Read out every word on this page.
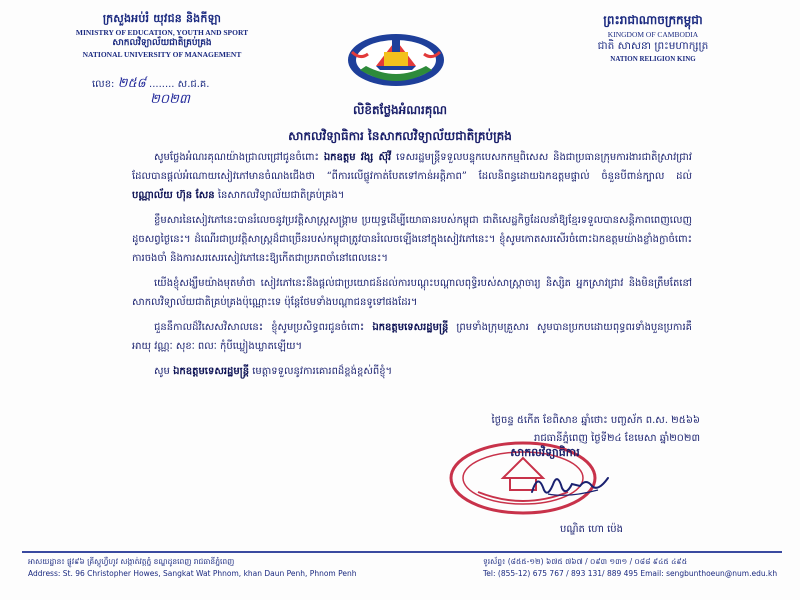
ក្រសួងអប់រំ យុវជន និងកីឡា
MINISTRY OF EDUCATION, YOUTH AND SPORT
សាកលវិទ្យាល័យជាតិគ្រប់គ្រង
NATIONAL UNIVERSITY OF MANAGEMENT
ព្រះរាជាណាចក្រកម្ពុជា
KINGDOM OF CAMBODIA
ជាតិ សាសនា ព្រះមហាក្សត្រ
NATION RELIGION KING
លេខ: ២៥៨ ........ ស.ជ.គ.
២០២៣
លិខិតថ្លែងអំណរគុណ
សាកលវិទ្យាធិការ នៃសាកលវិទ្យាល័យជាតិគ្រប់គ្រង

សូមថ្លែងអំណរគុណយ៉ាងជ្រាលជ្រៅជូនចំពោះ ឯកឧត្តម វង្ស ស៊ុវី ទេសរដ្ឋមន្ត្រីទទួលបន្ទុកបេសកកម្មពិសេស និងជាប្រធានក្រុមការងារជាតិស្រាវជ្រាវ ដែលបានផ្តល់អំណោយសៀវភៅមានចំណងជើងថា “ពីការលើផ្លូវកាត់បែតទៅកាន់អត្តិភាព” ដែលនិពន្ធដោយឯកឧត្តមផ្ទាល់ ចំនួនបីពាន់ក្បាល ដល់ បណ្ណាល័យ ហ៊ុន សែន នៃសាកលវិទ្យាល័យជាតិគ្រប់គ្រង។

ខ្លឹមសារនៃសៀវភៅនេះបានរំលេចនូវប្រវត្តិសាស្ត្រសង្គ្រាម ប្រយុទ្ធដើម្បីយោធានរបស់កម្ពុជា ជាតិសេដ្ឋកិច្ចដែលនាំឱ្យខ្មែរទទួលបានសន្តិភាពពេញលេញដូចសព្វថ្ងៃនេះ។ ដំណើរជាប្រវត្តិសាស្ត្រដ៏ជាច្រើនរបស់កម្ពុជាត្រូវបានរំលេចឡើងនៅក្នុងសៀវភៅនេះ។ ខ្ញុំសូមកោតសរសើរចំពោះឯកឧត្តមយ៉ាងខ្លាំងក្លាចំពោះការចងចាំ និងការសរសេរសៀវភៅនេះឱ្យកើតជាប្រភពចាំនៅពេលនេះ។

យើងខ្ញុំសង្ឃឹមយ៉ាងមុតមាំថា សៀវភៅនេះនឹងផ្តល់ជាប្រយោជន៍ដល់ការបណ្តុះបណ្តាលពុទ្ធិរបស់សាស្ត្រាចារ្យ និស្សិត អ្នកស្រាវជ្រាវ និងមិនត្រឹមតែនៅសាកលវិទ្យាល័យជាតិគ្រប់គ្រងប៉ុណ្ណោះទេ ប៉ុន្តែថែមទាំងបណ្តាជនទូទៅផងដែរ។

ជួននឹកាលដ៏វិសេសវិសាលនេះ ខ្ញុំសូមប្រសិទ្ធពរជូនចំពោះ ឯកឧត្តមទេសរដ្ឋមន្ត្រី ព្រមទាំងក្រុមគ្រួសារ សូមបានប្រកបដោយពុទ្ធពរទាំងបួនប្រការគឺ អាយុ វណ្ណៈ សុខៈ ពលៈ កុំបីឃ្លៀងឃ្លាតឡើយ។

សូម ឯកឧត្តមទេសរដ្ឋមន្ត្រី មេត្តាទទួលនូវការគោរពដ៏ខ្ពង់ខ្ពស់ពីខ្ញុំ។

ថ្ងៃចន្ទ ៥កើត ខែពិសាខ ឆ្នាំថោះ បញ្ចស័ក ព.ស. ២៥៦៦
រាជធានីភ្នំពេញ ថ្ងៃទី២៤ ខែមេសា ឆ្នាំ២០២៣
សាកលវិទ្យាធិការ
បណ្ឌិត ហោ ប៉េង
អាសយដ្ឋាន៖ ផ្លូវ៩៦ គ្រីស្តូហ្វឺហូវ សង្កាត់វត្តភ្នំ ខណ្ឌដូនពេញ រាជធានីភ្នំពេញ
Address: St. 96 Christopher Howes, Sangkat Wat Phnom, khan Daun Penh, Phnom Penh
ទូរស័ព្ទ៖ (៨៥៥-១២) ៦៧៥ ៧៦៧ / ០៩៣ ១៣១ / ០៨៨ ៩៤៥ ៤៩៥
Tel: (855-12) 675 767 / 893 131/ 889 495 Email: sengbunthoeun@num.edu.kh
